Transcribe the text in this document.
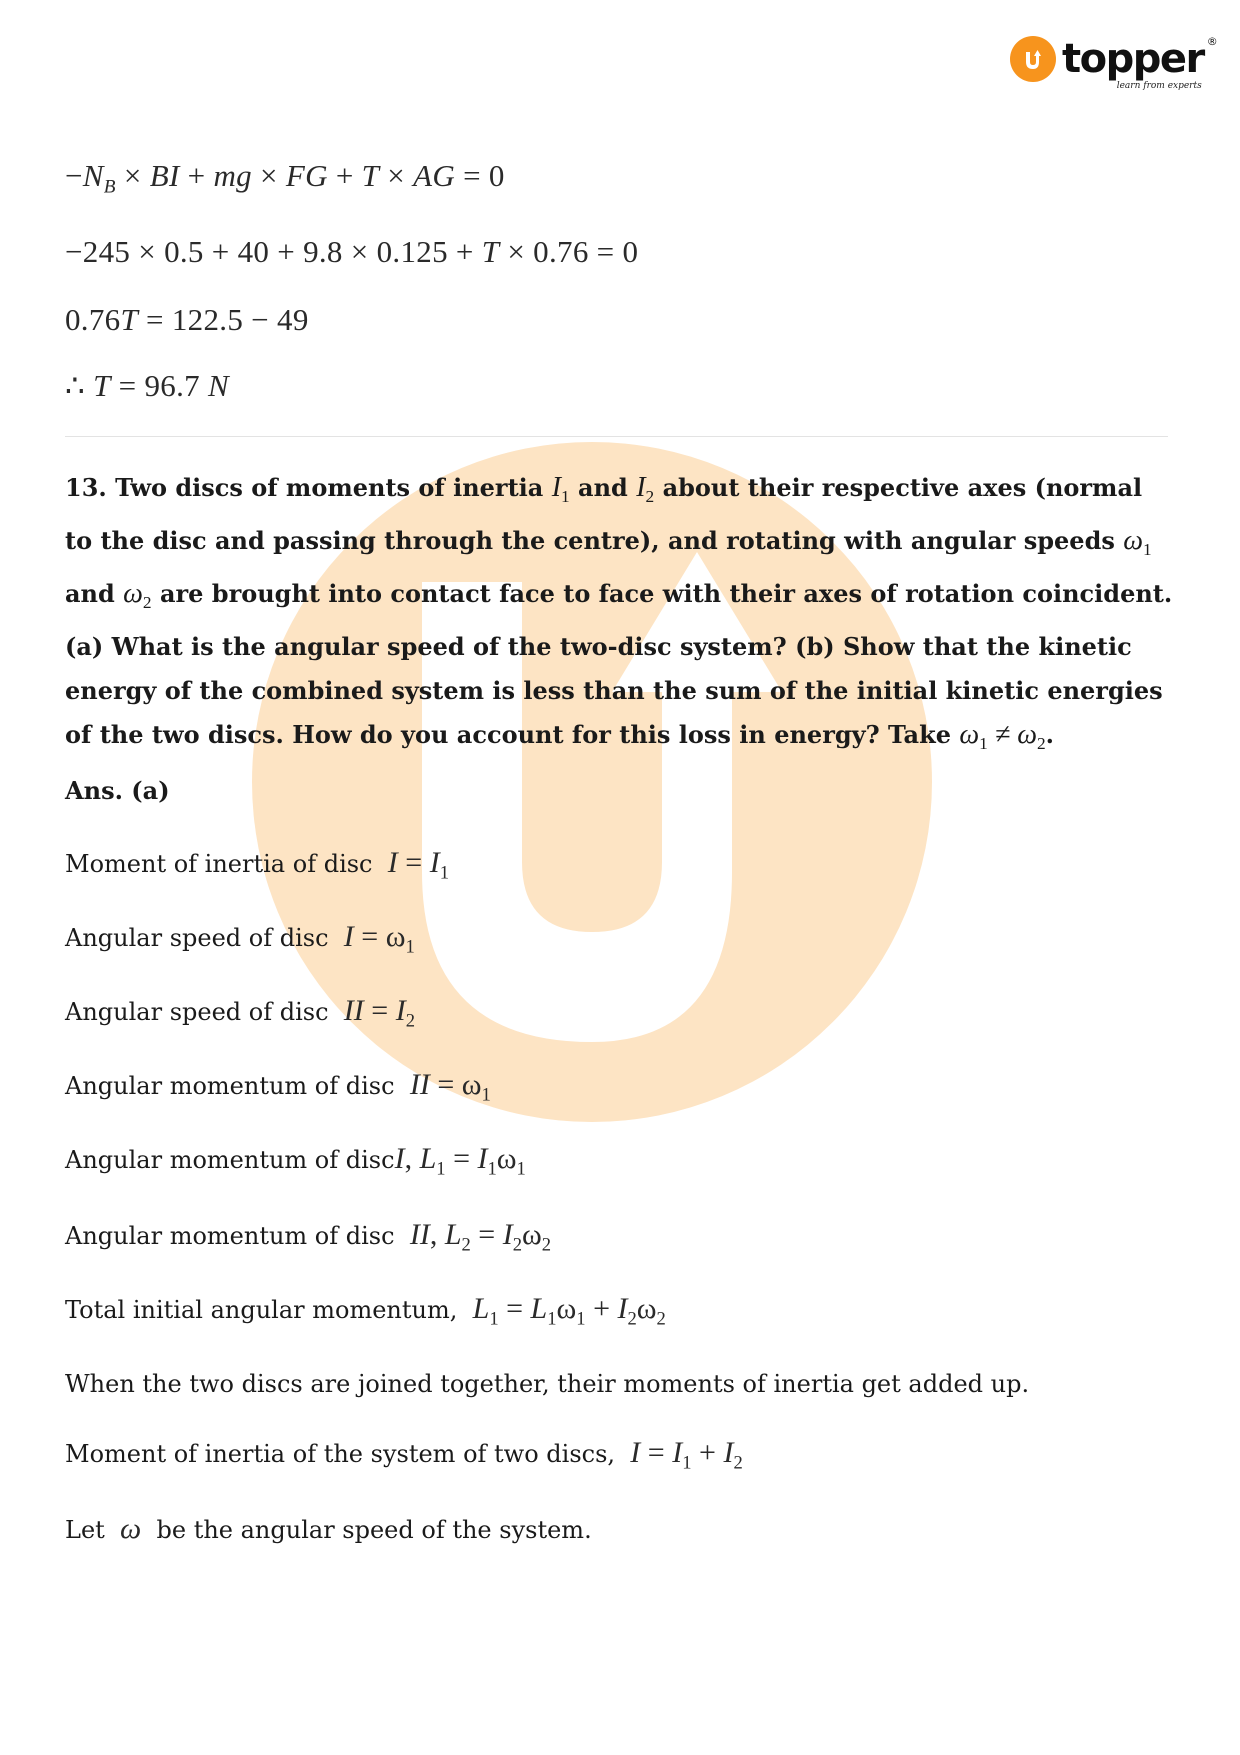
topper ®
learn from experts
$-N_B$ × BI + mg × FG + T × AG = 0
−245 × 0.5 + 40 + 9.8 × 0.125 + T × 0.76 = 0
0.76T = 122.5 − 49
∴ T = 96.7 N
13. Two discs of moments of inertia $I_1$ and $I_2$ about their respective axes (normal to the disc and passing through the centre), and rotating with angular speeds $\omega_1$ and $\omega_2$ are brought into contact face to face with their axes of rotation coincident. (a) What is the angular speed of the two-disc system? (b) Show that the kinetic energy of the combined system is less than the sum of the initial kinetic energies of the two discs. How do you account for this loss in energy? Take $\omega_1 \ne \omega_2$.
Ans. (a)
Moment of inertia of disc  $I = I_1$
Angular speed of disc  $I = \omega_1$
Angular speed of disc  II = $I_2$
Angular momentum of disc  II = $\omega_1$
Angular momentum of discI, $L_1 = I_1\omega_1$
Angular momentum of disc  II, $L_2 = I_2\omega_2$
Total initial angular momentum,  $L_1 = L_1\omega_1 + I_2\omega_2$
When the two discs are joined together, their moments of inertia get added up.
Moment of inertia of the system of two discs,  $I = I_1 + I_2$
Let  ω  be the angular speed of the system.
